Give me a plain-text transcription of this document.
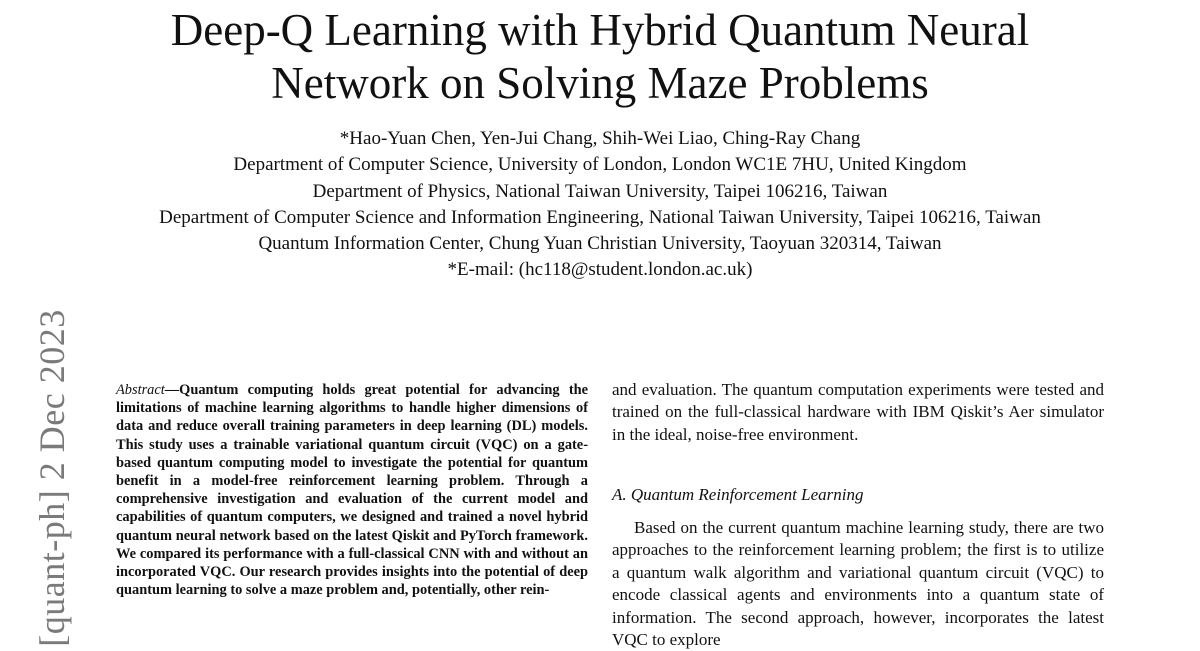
Deep-Q Learning with Hybrid Quantum Neural Network on Solving Maze Problems
*Hao-Yuan Chen, Yen-Jui Chang, Shih-Wei Liao, Ching-Ray Chang
Department of Computer Science, University of London, London WC1E 7HU, United Kingdom
Department of Physics, National Taiwan University, Taipei 106216, Taiwan
Department of Computer Science and Information Engineering, National Taiwan University, Taipei 106216, Taiwan
Quantum Information Center, Chung Yuan Christian University, Taoyuan 320314, Taiwan
*E-mail: (hc118@student.london.ac.uk)
[quant-ph] 2 Dec 2023	Abstract—Quantum computing holds great potential for advancing the limitations of machine learning algorithms to handle higher dimensions of data and reduce overall training parameters in deep learning (DL) models. This study uses a trainable variational quantum circuit (VQC) on a gate-based quantum computing model to investigate the potential for quantum benefit in a model-free reinforcement learning problem. Through a comprehensive investigation and evaluation of the current model and capabilities of quantum computers, we designed and trained a novel hybrid quantum neural network based on the latest Qiskit and PyTorch framework. We compared its performance with a full-classical CNN with and without an incorporated VQC. Our research provides insights into the potential of deep quantum learning to solve a maze problem and, potentially, other rein-

and evaluation. The quantum computation experiments were tested and trained on the full-classical hardware with IBM Qiskit’s Aer simulator in the ideal, noise-free environment.

A. Quantum Reinforcement Learning
Based on the current quantum machine learning study, there are two approaches to the reinforcement learning problem; the first is to utilize a quantum walk algorithm and variational quantum circuit (VQC) to encode classical agents and environments into a quantum state of information. The second approach, however, incorporates the latest VQC to explore
